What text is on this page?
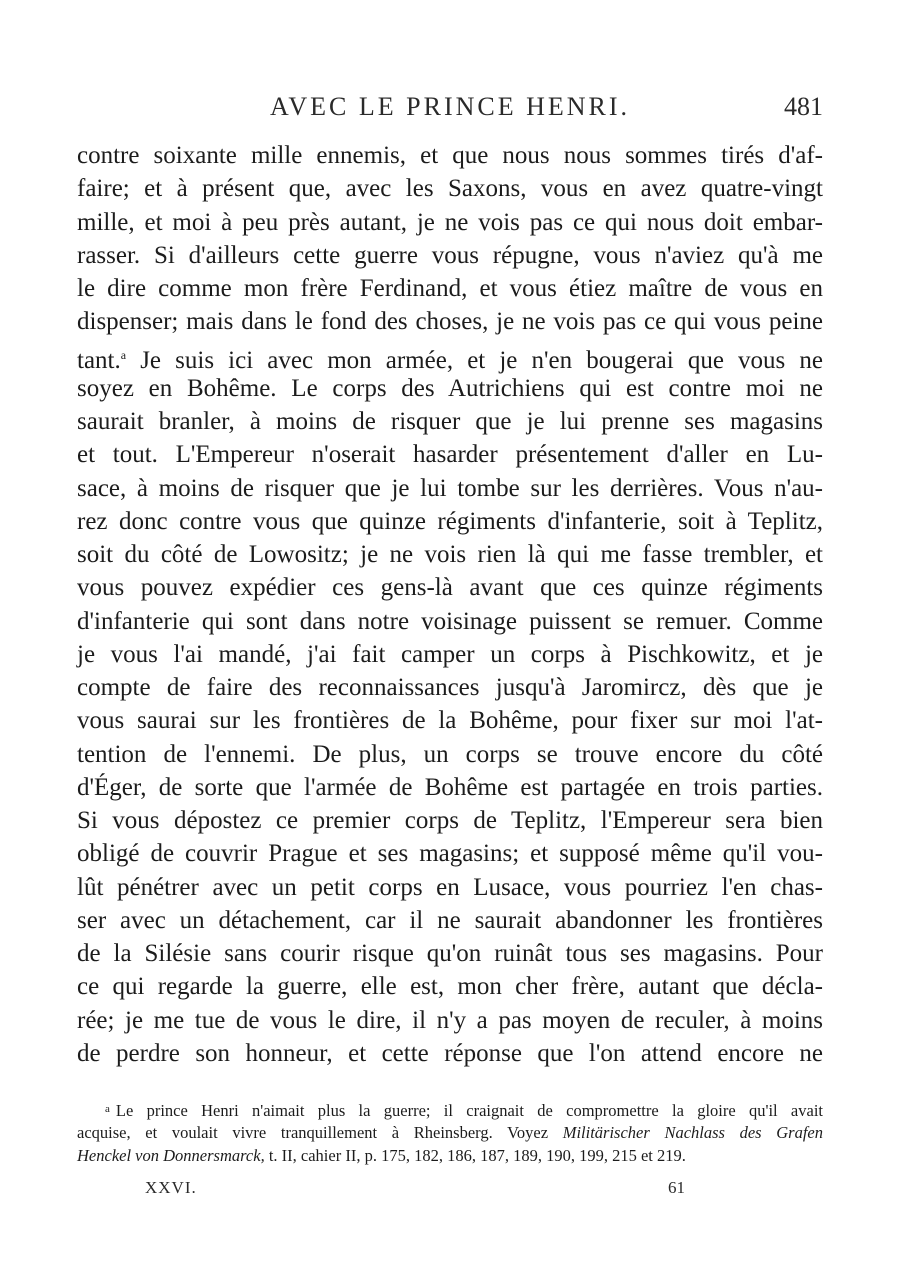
AVEC LE PRINCE HENRI.	481
contre soixante mille ennemis, et que nous nous sommes tirés d'af-
faire; et à présent que, avec les Saxons, vous en avez quatre-vingt
mille, et moi à peu près autant, je ne vois pas ce qui nous doit embar-
rasser. Si d'ailleurs cette guerre vous répugne, vous n'aviez qu'à me
le dire comme mon frère Ferdinand, et vous étiez maître de vous en
dispenser; mais dans le fond des choses, je ne vois pas ce qui vous peine
tant.$^a$ Je suis ici avec mon armée, et je n'en bougerai que vous ne
soyez en Bohême. Le corps des Autrichiens qui est contre moi ne
saurait branler, à moins de risquer que je lui prenne ses magasins
et tout. L'Empereur n'oserait hasarder présentement d'aller en Lu-
sace, à moins de risquer que je lui tombe sur les derrières. Vous n'au-
rez donc contre vous que quinze régiments d'infanterie, soit à Teplitz,
soit du côté de Lowositz; je ne vois rien là qui me fasse trembler, et
vous pouvez expédier ces gens-là avant que ces quinze régiments
d'infanterie qui sont dans notre voisinage puissent se remuer. Comme
je vous l'ai mandé, j'ai fait camper un corps à Pischkowitz, et je
compte de faire des reconnaissances jusqu'à Jaromircz, dès que je
vous saurai sur les frontières de la Bohême, pour fixer sur moi l'at-
tention de l'ennemi. De plus, un corps se trouve encore du côté
d'Éger, de sorte que l'armée de Bohême est partagée en trois parties.
Si vous dépostez ce premier corps de Teplitz, l'Empereur sera bien
obligé de couvrir Prague et ses magasins; et supposé même qu'il vou-
lût pénétrer avec un petit corps en Lusace, vous pourriez l'en chas-
ser avec un détachement, car il ne saurait abandonner les frontières
de la Silésie sans courir risque qu'on ruinât tous ses magasins. Pour
ce qui regarde la guerre, elle est, mon cher frère, autant que décla-
rée; je me tue de vous le dire, il n'y a pas moyen de reculer, à moins
de perdre son honneur, et cette réponse que l'on attend encore ne
$^a$ Le prince Henri n'aimait plus la guerre; il craignait de compromettre la gloire qu'il avait
acquise, et voulait vivre tranquillement à Rheinsberg. Voyez Militärischer Nachlass des Grafen
Henckel von Donnersmarck, t. II, cahier II, p. 175, 182, 186, 187, 189, 190, 199, 215 et 219.
XXVI.	61
